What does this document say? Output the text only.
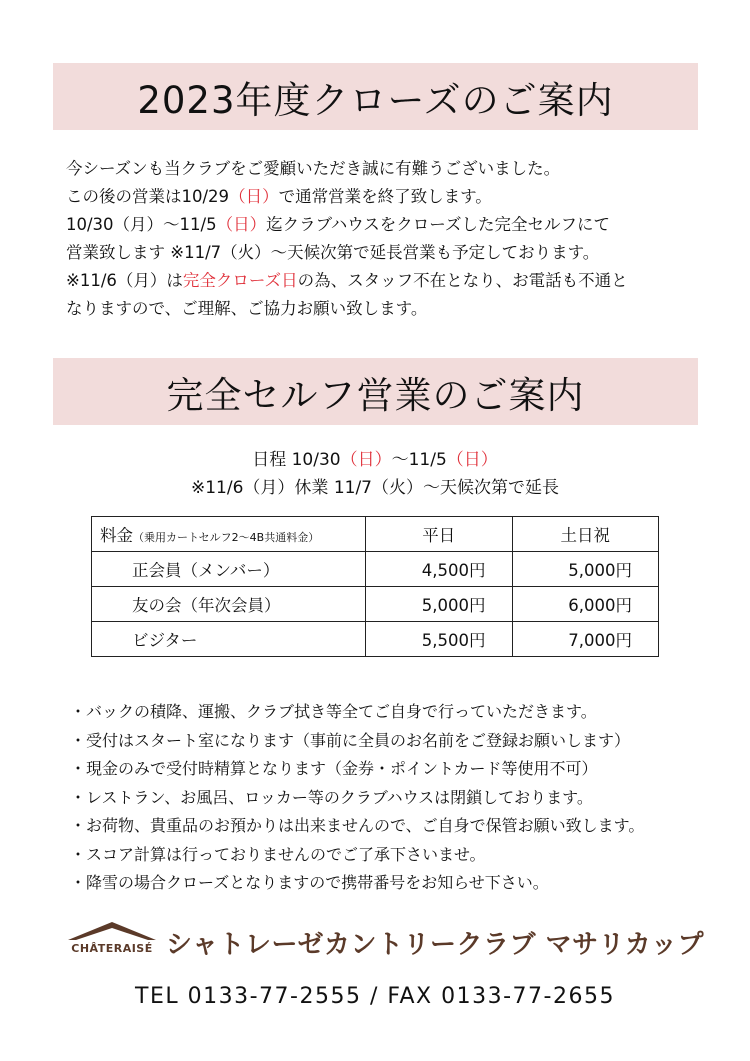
2023年度クローズのご案内
今シーズンも当クラブをご愛顧いただき誠に有難うございました。
この後の営業は10/29（日）で通常営業を終了致します。
10/30（月）～11/5（日）迄クラブハウスをクローズした完全セルフにて
営業致します ※11/7（火）～天候次第で延長営業も予定しております。
※11/6（月）は完全クローズ日の為、スタッフ不在となり、お電話も不通と
なりますので、ご理解、ご協力お願い致します。
完全セルフ営業のご案内
日程 10/30（日）～11/5（日）
※11/6（月）休業 11/7（火）～天候次第で延長
料金（乗用カートセルフ2～4B共通料金）	平日	土日祝
正会員（メンバー）	4,500円	5,000円
友の会（年次会員）	5,000円	6,000円
ビジター	5,500円	7,000円
・バックの積降、運搬、クラブ拭き等全てご自身で行っていただきます。
・受付はスタート室になります（事前に全員のお名前をご登録お願いします）
・現金のみで受付時精算となります（金券・ポイントカード等使用不可）
・レストラン、お風呂、ロッカー等のクラブハウスは閉鎖しております。
・お荷物、貴重品のお預かりは出来ませんので、ご自身で保管お願い致します。
・スコア計算は行っておりませんのでご了承下さいませ。
・降雪の場合クローズとなりますので携帯番号をお知らせ下さい。
CHÂTERAISÉ シャトレーゼカントリークラブ マサリカップ
TEL 0133-77-2555 / FAX 0133-77-2655
